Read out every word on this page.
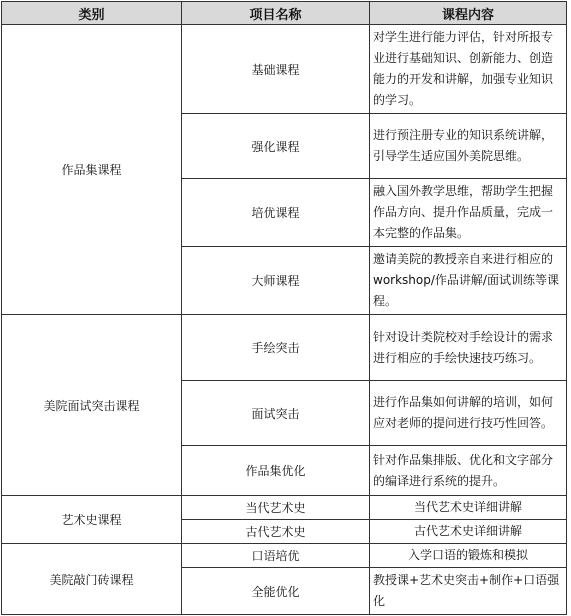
类别	项目名称	课程内容
作品集课程	基础课程	对学生进行能力评估，针对所报专业进行基础知识、创新能力、创造能力的开发和讲解，加强专业知识的学习。
	强化课程	进行预注册专业的知识系统讲解，引导学生适应国外美院思维。
	培优课程	融入国外教学思维，帮助学生把握作品方向、提升作品质量，完成一本完整的作品集。
	大师课程	邀请美院的教授亲自来进行相应的 workshop/作品讲解/面试训练等课程。
美院面试突击课程	手绘突击	针对设计类院校对手绘设计的需求进行相应的手绘快速技巧练习。
	面试突击	进行作品集如何讲解的培训，如何应对老师的提问进行技巧性回答。
	作品集优化	针对作品集排版、优化和文字部分的编译进行系统的提升。
艺术史课程	当代艺术史	当代艺术史详细讲解
	古代艺术史	古代艺术史详细讲解
美院敲门砖课程	口语培优	入学口语的锻炼和模拟
	全能优化	教授课+艺术史突击+制作+口语强化
